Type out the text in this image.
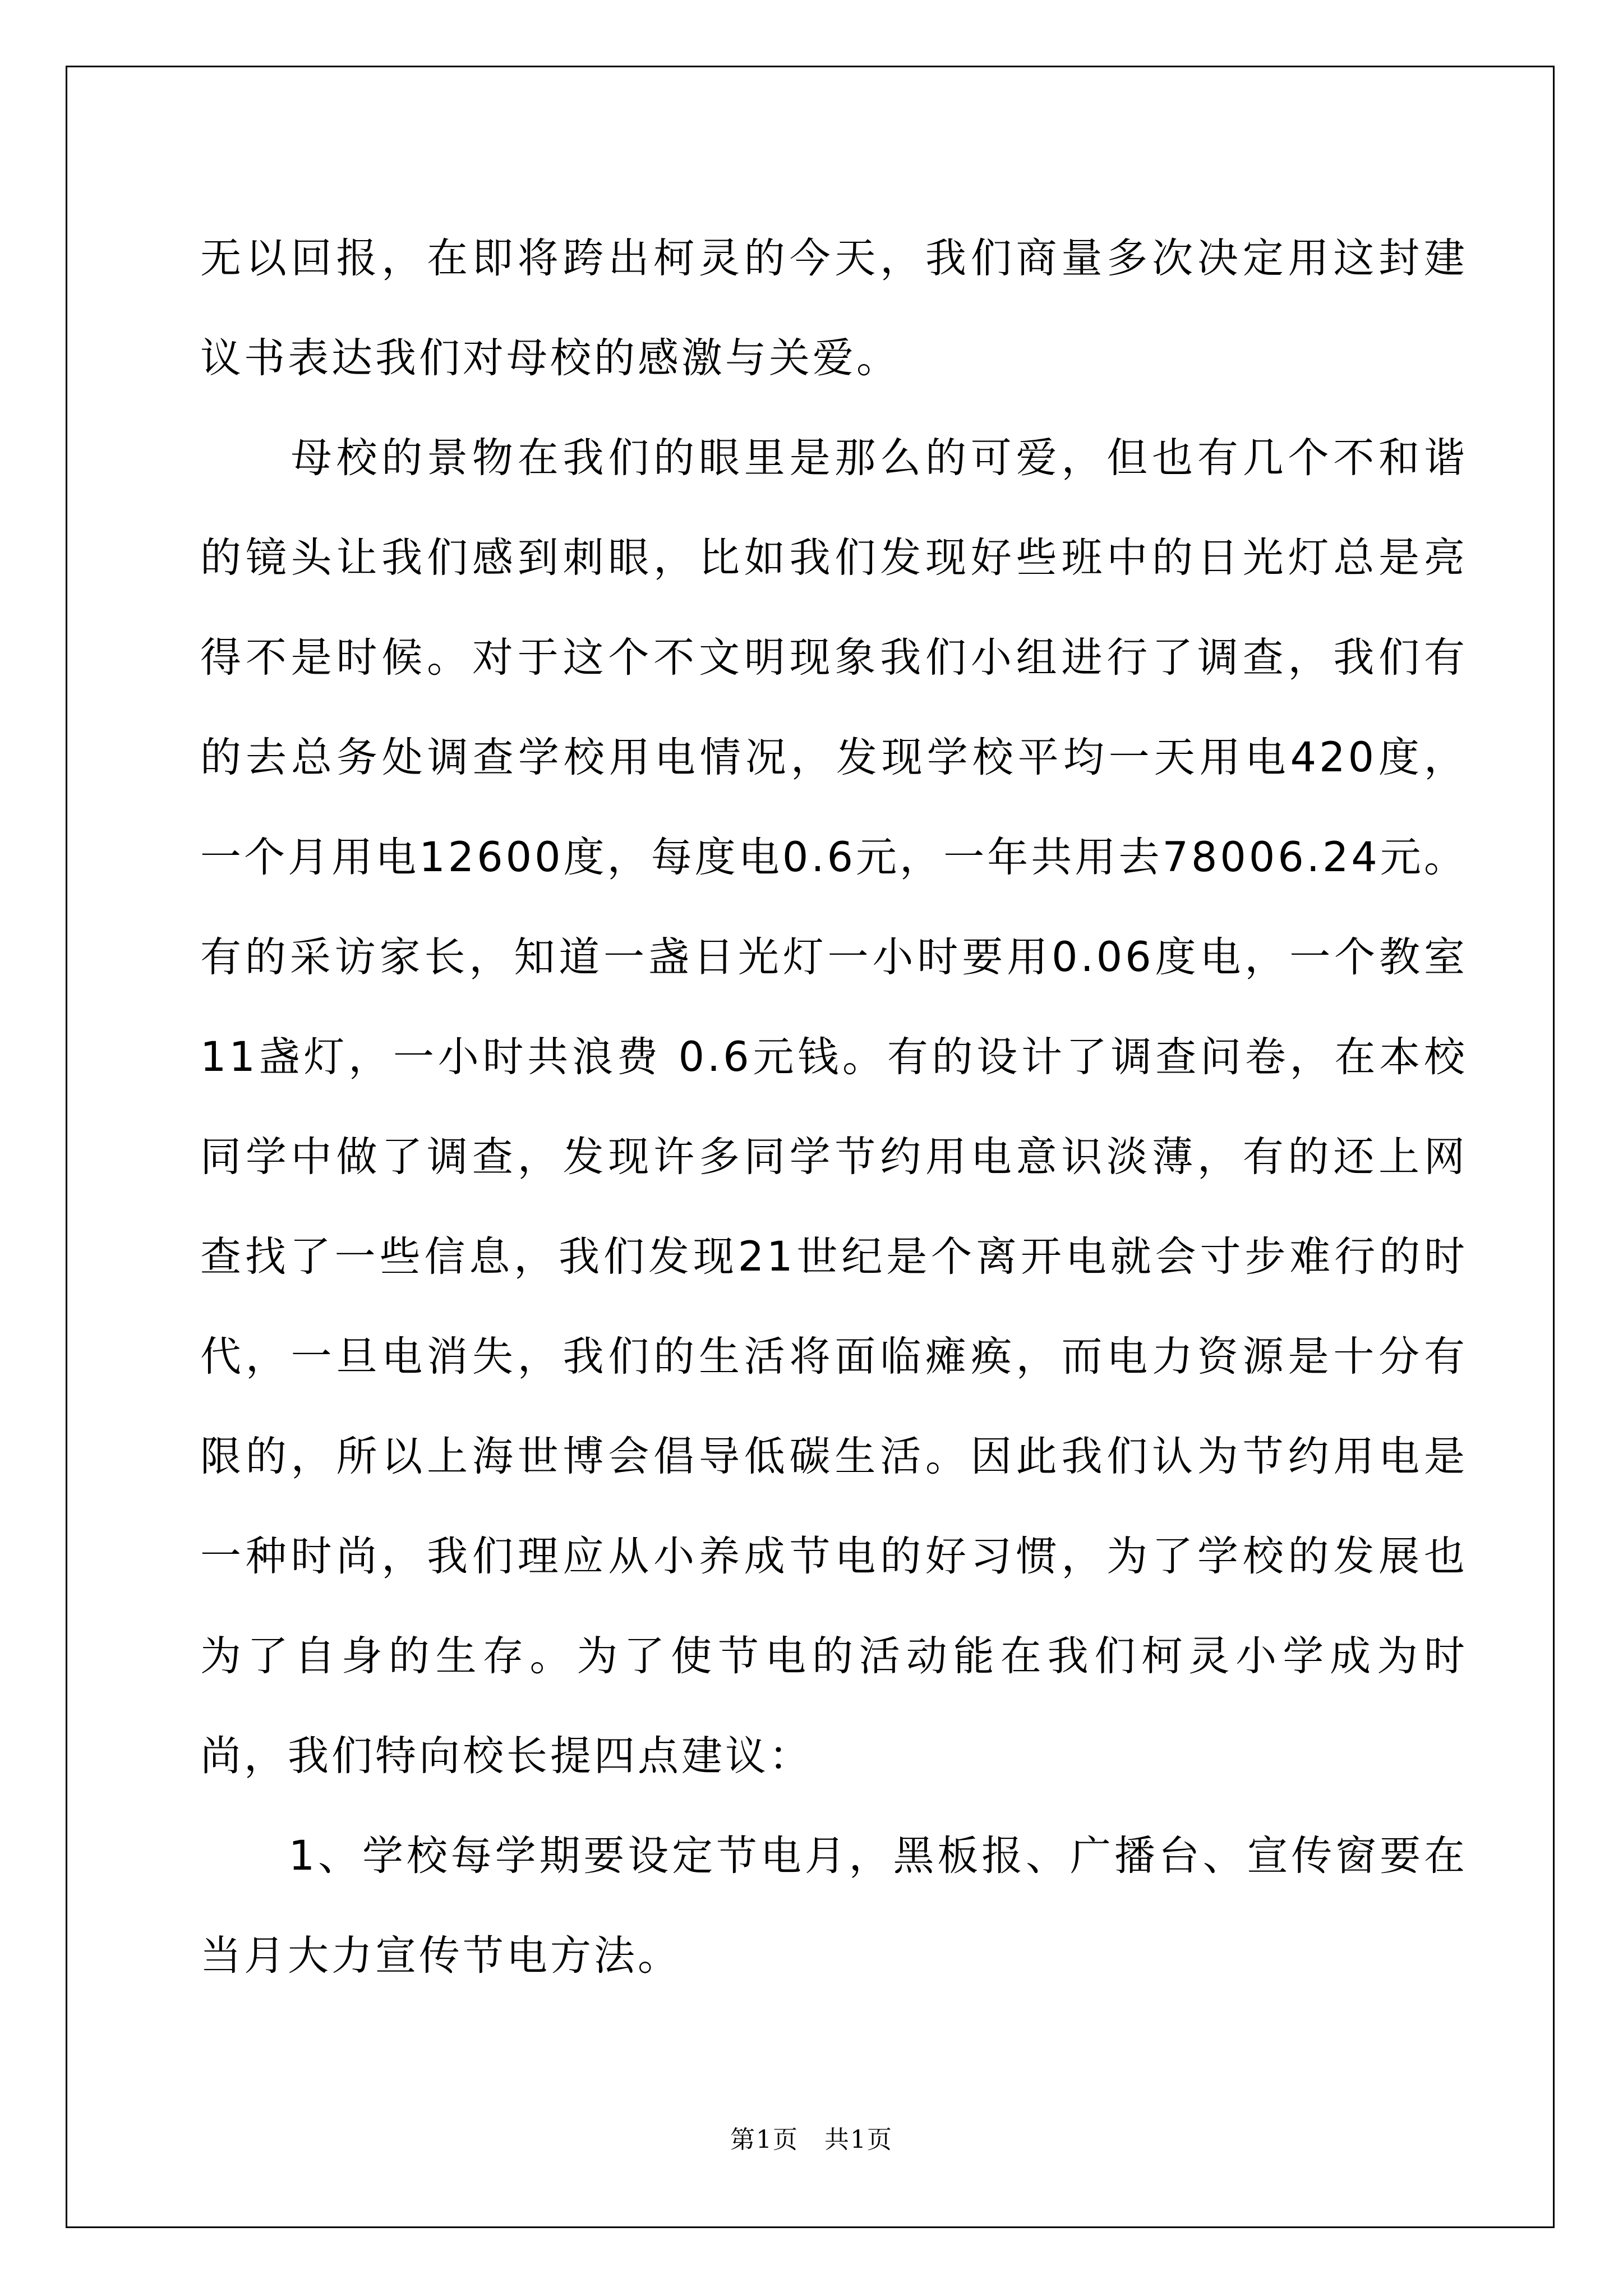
无以回报，在即将跨出柯灵的今天，我们商量多次决定用这封建议书表达我们对母校的感激与关爱。

　　母校的景物在我们的眼里是那么的可爱，但也有几个不和谐的镜头让我们感到刺眼，比如我们发现好些班中的日光灯总是亮得不是时候。对于这个不文明现象我们小组进行了调查，我们有的去总务处调查学校用电情况，发现学校平均一天用电420度，一个月用电12600度，每度电0.6元，一年共用去78006.24元。有的采访家长，知道一盏日光灯一小时要用0.06度电，一个教室11盏灯，一小时共浪费 0.6元钱。有的设计了调查问卷，在本校同学中做了调查，发现许多同学节约用电意识淡薄，有的还上网查找了一些信息，我们发现21世纪是个离开电就会寸步难行的时代，一旦电消失，我们的生活将面临瘫痪，而电力资源是十分有限的，所以上海世博会倡导低碳生活。因此我们认为节约用电是一种时尚，我们理应从小养成节电的好习惯，为了学校的发展也为了自身的生存。为了使节电的活动能在我们柯灵小学成为时尚，我们特向校长提四点建议：

　　1、学校每学期要设定节电月，黑板报、广播台、宣传窗要在当月大力宣传节电方法。

第1页　共1页
